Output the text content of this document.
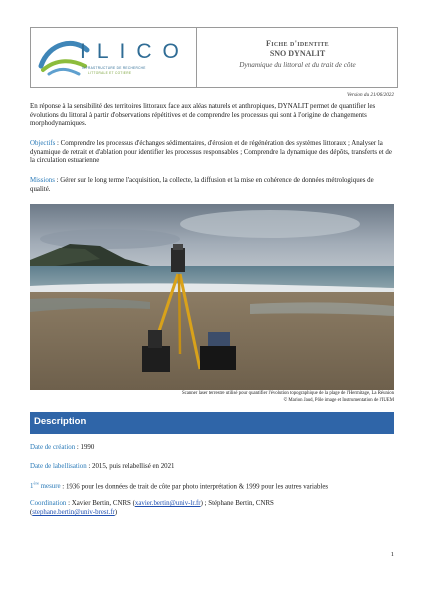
ILICO
INFRASTRUCTURE DE RECHERCHE
LITTORALE ET COTIERE
Fiche d'identite
SNO DYNALIT
Dynamique du littoral et du trait de côte
Version du 21/06/2022
En réponse à la sensibilité des territoires littoraux face aux aléas naturels et anthropiques, DYNALIT permet de quantifier les évolutions du littoral à partir d'observations répétitives et de comprendre les processus qui sont à l'origine de changements morphodynamiques.
Objectifs : Comprendre les processus d'échanges sédimentaires, d'érosion et de régénération des systèmes littoraux ; Analyser la dynamique de retrait et d'ablation pour identifier les processus responsables ; Comprendre la dynamique des dépôts, transferts et de la circulation estuarienne
Missions : Gérer sur le long terme l'acquisition, la collecte, la diffusion et la mise en cohérence de données métrologiques de qualité.
Scanner laser terrestre utilisé pour quantifier l'évolution topographique de la plage de l'Hermitage, La Réunion
© Marion Jaud, Pôle image et Instrumentation de l'IUEM
Description
Date de création : 1990
Date de labellisation : 2015, puis relabellisé en 2021
1ère mesure : 1936 pour les données de trait de côte par photo interprétation & 1999 pour les autres variables
Coordination : Xavier Bertin, CNRS (xavier.bertin@univ-lr.fr) ; Stéphane Bertin, CNRS
(stephane.bertin@univ-brest.fr)
1
